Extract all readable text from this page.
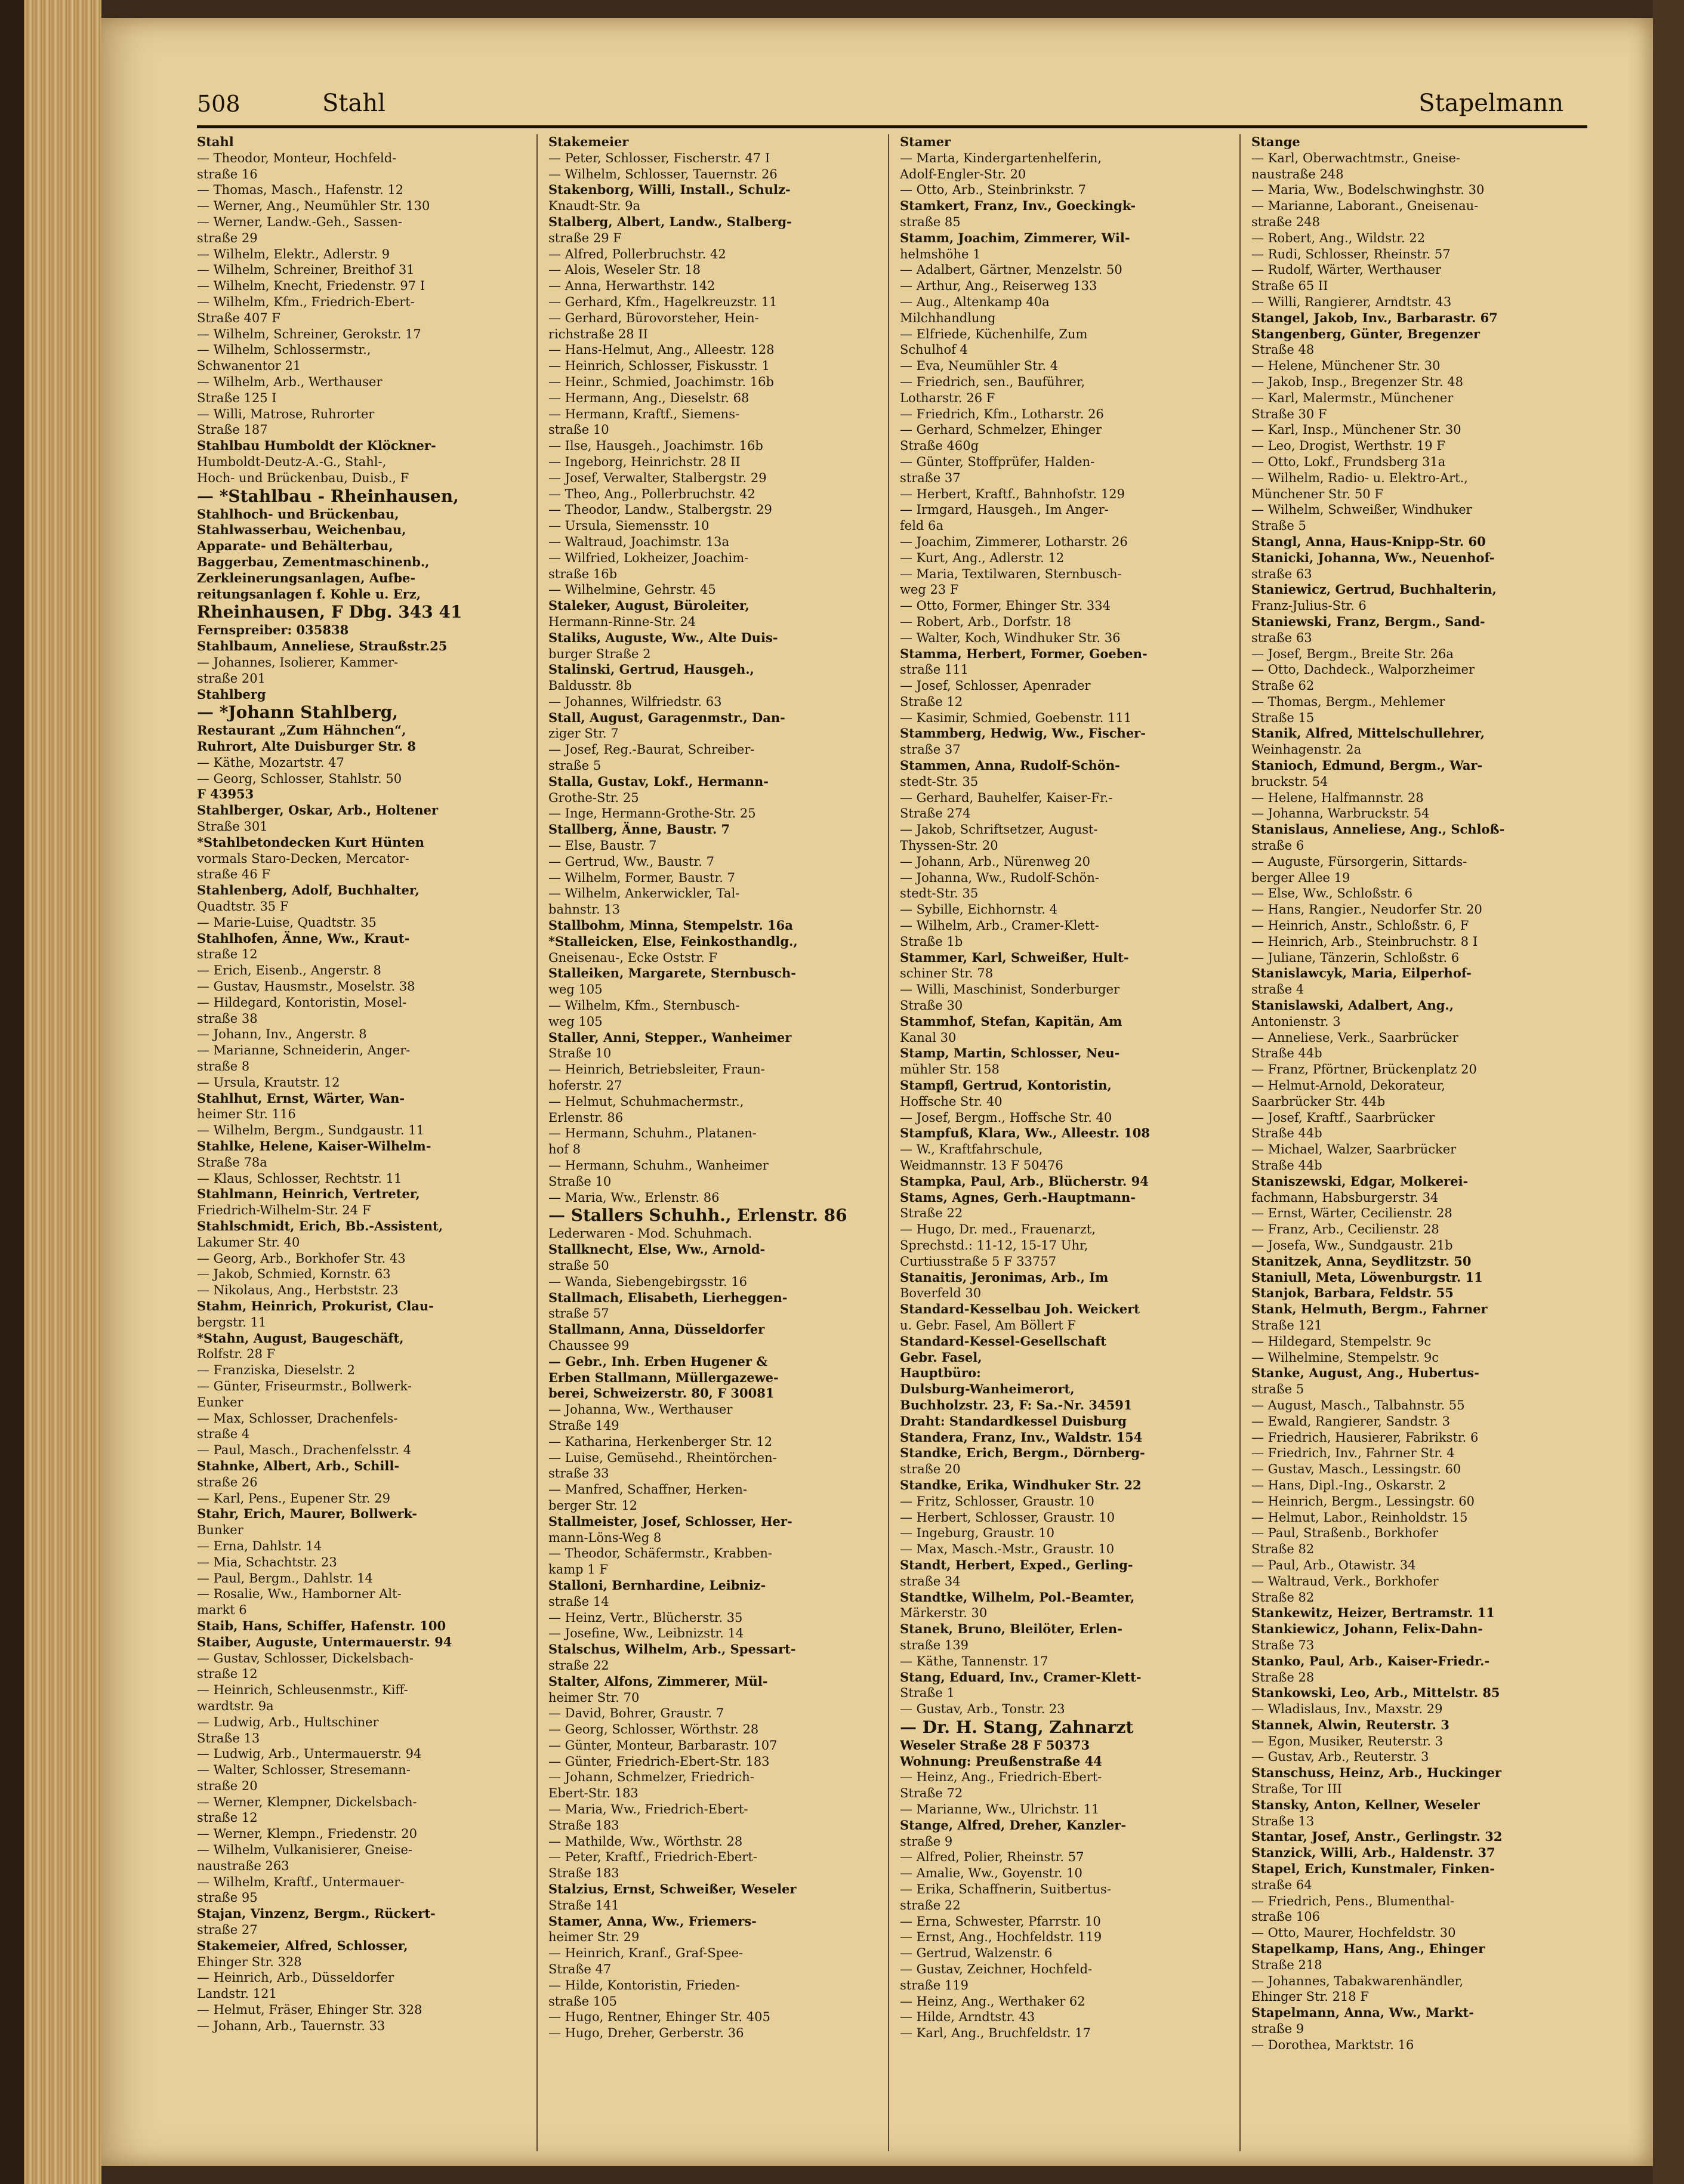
508	Stahl	Stapelmann
Stahl
— Theodor, Monteur, Hochfeld-
straße 16
— Thomas, Masch., Hafenstr. 12
— Werner, Ang., Neumühler Str. 130
— Werner, Landw.-Geh., Sassen-
straße 29
— Wilhelm, Elektr., Adlerstr. 9
— Wilhelm, Schreiner, Breithof 31
— Wilhelm, Knecht, Friedenstr. 97 I
— Wilhelm, Kfm., Friedrich-Ebert-
Straße 407 F
— Wilhelm, Schreiner, Gerokstr. 17
— Wilhelm, Schlossermstr.,
Schwanentor 21
— Wilhelm, Arb., Werthauser
Straße 125 I
— Willi, Matrose, Ruhrorter
Straße 187
Stahlbau Humboldt der Klöckner-
Humboldt-Deutz-A.-G., Stahl-,
Hoch- und Brückenbau, Duisb., F
— *Stahlbau - Rheinhausen,
Stahlhoch- und Brückenbau,
Stahlwasserbau, Weichenbau,
Apparate- und Behälterbau,
Baggerbau, Zementmaschinenb.,
Zerkleinerungsanlagen, Aufbe-
reitungsanlagen f. Kohle u. Erz,
Rheinhausen, F Dbg. 343 41
Fernspreiber: 035838
Stahlbaum, Anneliese, Straußstr.25
— Johannes, Isolierer, Kammer-
straße 201
Stahlberg
— *Johann Stahlberg,
Restaurant „Zum Hähnchen“,
Ruhrort, Alte Duisburger Str. 8
— Käthe, Mozartstr. 47
— Georg, Schlosser, Stahlstr. 50
F 43953
Stahlberger, Oskar, Arb., Holtener
Straße 301
*Stahlbetondecken Kurt Hünten
vormals Staro-Decken, Mercator-
straße 46 F
Stahlenberg, Adolf, Buchhalter,
Quadtstr. 35 F
— Marie-Luise, Quadtstr. 35
Stahlhofen, Änne, Ww., Kraut-
straße 12
— Erich, Eisenb., Angerstr. 8
— Gustav, Hausmstr., Moselstr. 38
— Hildegard, Kontoristin, Mosel-
straße 38
— Johann, Inv., Angerstr. 8
— Marianne, Schneiderin, Anger-
straße 8
— Ursula, Krautstr. 12
Stahlhut, Ernst, Wärter, Wan-
heimer Str. 116
— Wilhelm, Bergm., Sundgaustr. 11
Stahlke, Helene, Kaiser-Wilhelm-
Straße 78a
— Klaus, Schlosser, Rechtstr. 11
Stahlmann, Heinrich, Vertreter,
Friedrich-Wilhelm-Str. 24 F
Stahlschmidt, Erich, Bb.-Assistent,
Lakumer Str. 40
— Georg, Arb., Borkhofer Str. 43
— Jakob, Schmied, Kornstr. 63
— Nikolaus, Ang., Herbststr. 23
Stahm, Heinrich, Prokurist, Clau-
bergstr. 11
*Stahn, August, Baugeschäft,
Rolfstr. 28 F
— Franziska, Dieselstr. 2
— Günter, Friseurmstr., Bollwerk-
Eunker
— Max, Schlosser, Drachenfels-
straße 4
— Paul, Masch., Drachenfelsstr. 4
Stahnke, Albert, Arb., Schill-
straße 26
— Karl, Pens., Eupener Str. 29
Stahr, Erich, Maurer, Bollwerk-
Bunker
— Erna, Dahlstr. 14
— Mia, Schachtstr. 23
— Paul, Bergm., Dahlstr. 14
— Rosalie, Ww., Hamborner Alt-
markt 6
Staib, Hans, Schiffer, Hafenstr. 100
Staiber, Auguste, Untermauerstr. 94
— Gustav, Schlosser, Dickelsbach-
straße 12
— Heinrich, Schleusenmstr., Kiff-
wardtstr. 9a
— Ludwig, Arb., Hultschiner
Straße 13
— Ludwig, Arb., Untermauerstr. 94
— Walter, Schlosser, Stresemann-
straße 20
— Werner, Klempner, Dickelsbach-
straße 12
— Werner, Klempn., Friedenstr. 20
— Wilhelm, Vulkanisierer, Gneise-
naustraße 263
— Wilhelm, Kraftf., Untermauer-
straße 95
Stajan, Vinzenz, Bergm., Rückert-
straße 27
Stakemeier, Alfred, Schlosser,
Ehinger Str. 328
— Heinrich, Arb., Düsseldorfer
Landstr. 121
— Helmut, Fräser, Ehinger Str. 328
— Johann, Arb., Tauernstr. 33
Stakemeier
— Peter, Schlosser, Fischerstr. 47 I
— Wilhelm, Schlosser, Tauernstr. 26
Stakenborg, Willi, Install., Schulz-
Knaudt-Str. 9a
Stalberg, Albert, Landw., Stalberg-
straße 29 F
— Alfred, Pollerbruchstr. 42
— Alois, Weseler Str. 18
— Anna, Herwarthstr. 142
— Gerhard, Kfm., Hagelkreuzstr. 11
— Gerhard, Bürovorsteher, Hein-
richstraße 28 II
— Hans-Helmut, Ang., Alleestr. 128
— Heinrich, Schlosser, Fiskusstr. 1
— Heinr., Schmied, Joachimstr. 16b
— Hermann, Ang., Dieselstr. 68
— Hermann, Kraftf., Siemens-
straße 10
— Ilse, Hausgeh., Joachimstr. 16b
— Ingeborg, Heinrichstr. 28 II
— Josef, Verwalter, Stalbergstr. 29
— Theo, Ang., Pollerbruchstr. 42
— Theodor, Landw., Stalbergstr. 29
— Ursula, Siemensstr. 10
— Waltraud, Joachimstr. 13a
— Wilfried, Lokheizer, Joachim-
straße 16b
— Wilhelmine, Gehrstr. 45
Staleker, August, Büroleiter,
Hermann-Rinne-Str. 24
Staliks, Auguste, Ww., Alte Duis-
burger Straße 2
Stalinski, Gertrud, Hausgeh.,
Baldusstr. 8b
— Johannes, Wilfriedstr. 63
Stall, August, Garagenmstr., Dan-
ziger Str. 7
— Josef, Reg.-Baurat, Schreiber-
straße 5
Stalla, Gustav, Lokf., Hermann-
Grothe-Str. 25
— Inge, Hermann-Grothe-Str. 25
Stallberg, Änne, Baustr. 7
— Else, Baustr. 7
— Gertrud, Ww., Baustr. 7
— Wilhelm, Former, Baustr. 7
— Wilhelm, Ankerwickler, Tal-
bahnstr. 13
Stallbohm, Minna, Stempelstr. 16a
*Stalleicken, Else, Feinkosthandlg.,
Gneisenau-, Ecke Oststr. F
Stalleiken, Margarete, Sternbusch-
weg 105
— Wilhelm, Kfm., Sternbusch-
weg 105
Staller, Anni, Stepper., Wanheimer
Straße 10
— Heinrich, Betriebsleiter, Fraun-
hoferstr. 27
— Helmut, Schuhmachermstr.,
Erlenstr. 86
— Hermann, Schuhm., Platanen-
hof 8
— Hermann, Schuhm., Wanheimer
Straße 10
— Maria, Ww., Erlenstr. 86
— Stallers Schuhh., Erlenstr. 86
Lederwaren - Mod. Schuhmach.
Stallknecht, Else, Ww., Arnold-
straße 50
— Wanda, Siebengebirgsstr. 16
Stallmach, Elisabeth, Lierheggen-
straße 57
Stallmann, Anna, Düsseldorfer
Chaussee 99
— Gebr., Inh. Erben Hugener &
Erben Stallmann, Müllergazewe-
berei, Schweizerstr. 80, F 30081
— Johanna, Ww., Werthauser
Straße 149
— Katharina, Herkenberger Str. 12
— Luise, Gemüsehd., Rheintörchen-
straße 33
— Manfred, Schaffner, Herken-
berger Str. 12
Stallmeister, Josef, Schlosser, Her-
mann-Löns-Weg 8
— Theodor, Schäfermstr., Krabben-
kamp 1 F
Stalloni, Bernhardine, Leibniz-
straße 14
— Heinz, Vertr., Blücherstr. 35
— Josefine, Ww., Leibnizstr. 14
Stalschus, Wilhelm, Arb., Spessart-
straße 22
Stalter, Alfons, Zimmerer, Mül-
heimer Str. 70
— David, Bohrer, Graustr. 7
— Georg, Schlosser, Wörthstr. 28
— Günter, Monteur, Barbarastr. 107
— Günter, Friedrich-Ebert-Str. 183
— Johann, Schmelzer, Friedrich-
Ebert-Str. 183
— Maria, Ww., Friedrich-Ebert-
Straße 183
— Mathilde, Ww., Wörthstr. 28
— Peter, Kraftf., Friedrich-Ebert-
Straße 183
Stalzius, Ernst, Schweißer, Weseler
Straße 141
Stamer, Anna, Ww., Friemers-
heimer Str. 29
— Heinrich, Kranf., Graf-Spee-
Straße 47
— Hilde, Kontoristin, Frieden-
straße 105
— Hugo, Rentner, Ehinger Str. 405
— Hugo, Dreher, Gerberstr. 36
Stamer
— Marta, Kindergartenhelferin,
Adolf-Engler-Str. 20
— Otto, Arb., Steinbrinkstr. 7
Stamkert, Franz, Inv., Goeckingk-
straße 85
Stamm, Joachim, Zimmerer, Wil-
helmshöhe 1
— Adalbert, Gärtner, Menzelstr. 50
— Arthur, Ang., Reiserweg 133
— Aug., Altenkamp 40a
Milchhandlung
— Elfriede, Küchenhilfe, Zum
Schulhof 4
— Eva, Neumühler Str. 4
— Friedrich, sen., Bauführer,
Lotharstr. 26 F
— Friedrich, Kfm., Lotharstr. 26
— Gerhard, Schmelzer, Ehinger
Straße 460g
— Günter, Stoffprüfer, Halden-
straße 37
— Herbert, Kraftf., Bahnhofstr. 129
— Irmgard, Hausgeh., Im Anger-
feld 6a
— Joachim, Zimmerer, Lotharstr. 26
— Kurt, Ang., Adlerstr. 12
— Maria, Textilwaren, Sternbusch-
weg 23 F
— Otto, Former, Ehinger Str. 334
— Robert, Arb., Dorfstr. 18
— Walter, Koch, Windhuker Str. 36
Stamma, Herbert, Former, Goeben-
straße 111
— Josef, Schlosser, Apenrader
Straße 12
— Kasimir, Schmied, Goebenstr. 111
Stammberg, Hedwig, Ww., Fischer-
straße 37
Stammen, Anna, Rudolf-Schön-
stedt-Str. 35
— Gerhard, Bauhelfer, Kaiser-Fr.-
Straße 274
— Jakob, Schriftsetzer, August-
Thyssen-Str. 20
— Johann, Arb., Nürenweg 20
— Johanna, Ww., Rudolf-Schön-
stedt-Str. 35
— Sybille, Eichhornstr. 4
— Wilhelm, Arb., Cramer-Klett-
Straße 1b
Stammer, Karl, Schweißer, Hult-
schiner Str. 78
— Willi, Maschinist, Sonderburger
Straße 30
Stammhof, Stefan, Kapitän, Am
Kanal 30
Stamp, Martin, Schlosser, Neu-
mühler Str. 158
Stampfl, Gertrud, Kontoristin,
Hoffsche Str. 40
— Josef, Bergm., Hoffsche Str. 40
Stampfuß, Klara, Ww., Alleestr. 108
— W., Kraftfahrschule,
Weidmannstr. 13 F 50476
Stampka, Paul, Arb., Blücherstr. 94
Stams, Agnes, Gerh.-Hauptmann-
Straße 22
— Hugo, Dr. med., Frauenarzt,
Sprechstd.: 11-12, 15-17 Uhr,
Curtiusstraße 5 F 33757
Stanaitis, Jeronimas, Arb., Im
Boverfeld 30
Standard-Kesselbau Joh. Weickert
u. Gebr. Fasel, Am Böllert F
Standard-Kessel-Gesellschaft
Gebr. Fasel,
Hauptbüro:
Dulsburg-Wanheimerort,
Buchholzstr. 23, F: Sa.-Nr. 34591
Draht: Standardkessel Duisburg
Standera, Franz, Inv., Waldstr. 154
Standke, Erich, Bergm., Dörnberg-
straße 20
Standke, Erika, Windhuker Str. 22
— Fritz, Schlosser, Graustr. 10
— Herbert, Schlosser, Graustr. 10
— Ingeburg, Graustr. 10
— Max, Masch.-Mstr., Graustr. 10
Standt, Herbert, Exped., Gerling-
straße 34
Standtke, Wilhelm, Pol.-Beamter,
Märkerstr. 30
Stanek, Bruno, Bleilöter, Erlen-
straße 139
— Käthe, Tannenstr. 17
Stang, Eduard, Inv., Cramer-Klett-
Straße 1
— Gustav, Arb., Tonstr. 23
— Dr. H. Stang, Zahnarzt
Weseler Straße 28 F 50373
Wohnung: Preußenstraße 44
— Heinz, Ang., Friedrich-Ebert-
Straße 72
— Marianne, Ww., Ulrichstr. 11
Stange, Alfred, Dreher, Kanzler-
straße 9
— Alfred, Polier, Rheinstr. 57
— Amalie, Ww., Goyenstr. 10
— Erika, Schaffnerin, Suitbertus-
straße 22
— Erna, Schwester, Pfarrstr. 10
— Ernst, Ang., Hochfeldstr. 119
— Gertrud, Walzenstr. 6
— Gustav, Zeichner, Hochfeld-
straße 119
— Heinz, Ang., Werthaker 62
— Hilde, Arndtstr. 43
— Karl, Ang., Bruchfeldstr. 17
Stange
— Karl, Oberwachtmstr., Gneise-
naustraße 248
— Maria, Ww., Bodelschwinghstr. 30
— Marianne, Laborant., Gneisenau-
straße 248
— Robert, Ang., Wildstr. 22
— Rudi, Schlosser, Rheinstr. 57
— Rudolf, Wärter, Werthauser
Straße 65 II
— Willi, Rangierer, Arndtstr. 43
Stangel, Jakob, Inv., Barbarastr. 67
Stangenberg, Günter, Bregenzer
Straße 48
— Helene, Münchener Str. 30
— Jakob, Insp., Bregenzer Str. 48
— Karl, Malermstr., Münchener
Straße 30 F
— Karl, Insp., Münchener Str. 30
— Leo, Drogist, Werthstr. 19 F
— Otto, Lokf., Frundsberg 31a
— Wilhelm, Radio- u. Elektro-Art.,
Münchener Str. 50 F
— Wilhelm, Schweißer, Windhuker
Straße 5
Stangl, Anna, Haus-Knipp-Str. 60
Stanicki, Johanna, Ww., Neuenhof-
straße 63
Staniewicz, Gertrud, Buchhalterin,
Franz-Julius-Str. 6
Staniewski, Franz, Bergm., Sand-
straße 63
— Josef, Bergm., Breite Str. 26a
— Otto, Dachdeck., Walporzheimer
Straße 62
— Thomas, Bergm., Mehlemer
Straße 15
Stanik, Alfred, Mittelschullehrer,
Weinhagenstr. 2a
Stanioch, Edmund, Bergm., War-
bruckstr. 54
— Helene, Halfmannstr. 28
— Johanna, Warbruckstr. 54
Stanislaus, Anneliese, Ang., Schloß-
straße 6
— Auguste, Fürsorgerin, Sittards-
berger Allee 19
— Else, Ww., Schloßstr. 6
— Hans, Rangier., Neudorfer Str. 20
— Heinrich, Anstr., Schloßstr. 6, F
— Heinrich, Arb., Steinbruchstr. 8 I
— Juliane, Tänzerin, Schloßstr. 6
Stanislawcyk, Maria, Eilperhof-
straße 4
Stanislawski, Adalbert, Ang.,
Antonienstr. 3
— Anneliese, Verk., Saarbrücker
Straße 44b
— Franz, Pförtner, Brückenplatz 20
— Helmut-Arnold, Dekorateur,
Saarbrücker Str. 44b
— Josef, Kraftf., Saarbrücker
Straße 44b
— Michael, Walzer, Saarbrücker
Straße 44b
Staniszewski, Edgar, Molkerei-
fachmann, Habsburgerstr. 34
— Ernst, Wärter, Cecilienstr. 28
— Franz, Arb., Cecilienstr. 28
— Josefa, Ww., Sundgaustr. 21b
Stanitzek, Anna, Seydlitzstr. 50
Staniull, Meta, Löwenburgstr. 11
Stanjok, Barbara, Feldstr. 55
Stank, Helmuth, Bergm., Fahrner
Straße 121
— Hildegard, Stempelstr. 9c
— Wilhelmine, Stempelstr. 9c
Stanke, August, Ang., Hubertus-
straße 5
— August, Masch., Talbahnstr. 55
— Ewald, Rangierer, Sandstr. 3
— Friedrich, Hausierer, Fabrikstr. 6
— Friedrich, Inv., Fahrner Str. 4
— Gustav, Masch., Lessingstr. 60
— Hans, Dipl.-Ing., Oskarstr. 2
— Heinrich, Bergm., Lessingstr. 60
— Helmut, Labor., Reinholdstr. 15
— Paul, Straßenb., Borkhofer
Straße 82
— Paul, Arb., Otawistr. 34
— Waltraud, Verk., Borkhofer
Straße 82
Stankewitz, Heizer, Bertramstr. 11
Stankiewicz, Johann, Felix-Dahn-
Straße 73
Stanko, Paul, Arb., Kaiser-Friedr.-
Straße 28
Stankowski, Leo, Arb., Mittelstr. 85
— Wladislaus, Inv., Maxstr. 29
Stannek, Alwin, Reuterstr. 3
— Egon, Musiker, Reuterstr. 3
— Gustav, Arb., Reuterstr. 3
Stanschuss, Heinz, Arb., Huckinger
Straße, Tor III
Stansky, Anton, Kellner, Weseler
Straße 13
Stantar, Josef, Anstr., Gerlingstr. 32
Stanzick, Willi, Arb., Haldenstr. 37
Stapel, Erich, Kunstmaler, Finken-
straße 64
— Friedrich, Pens., Blumenthal-
straße 106
— Otto, Maurer, Hochfeldstr. 30
Stapelkamp, Hans, Ang., Ehinger
Straße 218
— Johannes, Tabakwarenhändler,
Ehinger Str. 218 F
Stapelmann, Anna, Ww., Markt-
straße 9
— Dorothea, Marktstr. 16
